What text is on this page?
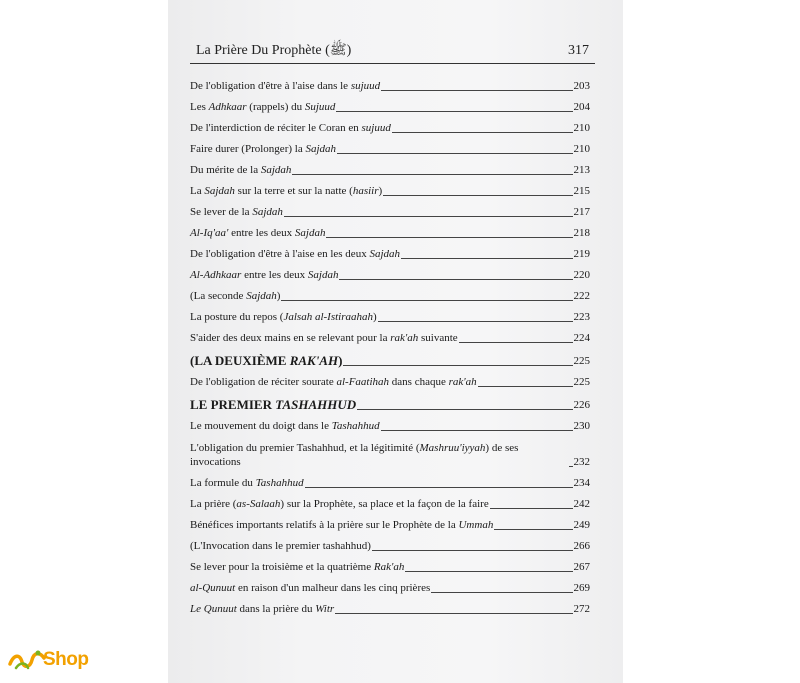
La Prière Du Prophète (ﷺ)	317
De l'obligation d'être à l'aise dans le sujuud	203
Les Adhkaar (rappels) du Sujuud	204
De l'interdiction de réciter le Coran en sujuud	210
Faire durer (Prolonger) la Sajdah	210
Du mérite de la Sajdah	213
La Sajdah sur la terre et sur la natte (hasiir)	215
Se lever de la Sajdah	217
Al-Iq'aa' entre les deux Sajdah	218
De l'obligation d'être à l'aise en les deux Sajdah	219
Al-Adhkaar entre les deux Sajdah	220
(La seconde Sajdah)	222
La posture du repos (Jalsah al-Istiraahah)	223
S'aider des deux mains en se relevant pour la rak'ah suivante	224
(LA DEUXIÈME RAK'AH)	225
De l'obligation de réciter sourate al-Faatihah dans chaque rak'ah	225
LE PREMIER TASHAHHUD	226
Le mouvement du doigt dans le Tashahhud	230
L'obligation du premier Tashahhud, et la légitimité (Mashruu'iyyah) de ses
invocations	232
La formule du Tashahhud	234
La prière (as-Salaah) sur la Prophète, sa place et la façon de la faire	242
Bénéfices importants relatifs à la prière sur le Prophète de la Ummah	249
(L'Invocation dans le premier tashahhud)	266
Se lever pour la troisième et la quatrième Rak'ah	267
al-Qunuut en raison d'un malheur dans les cinq prières	269
Le Qunuut dans la prière du Witr	272
Shop
